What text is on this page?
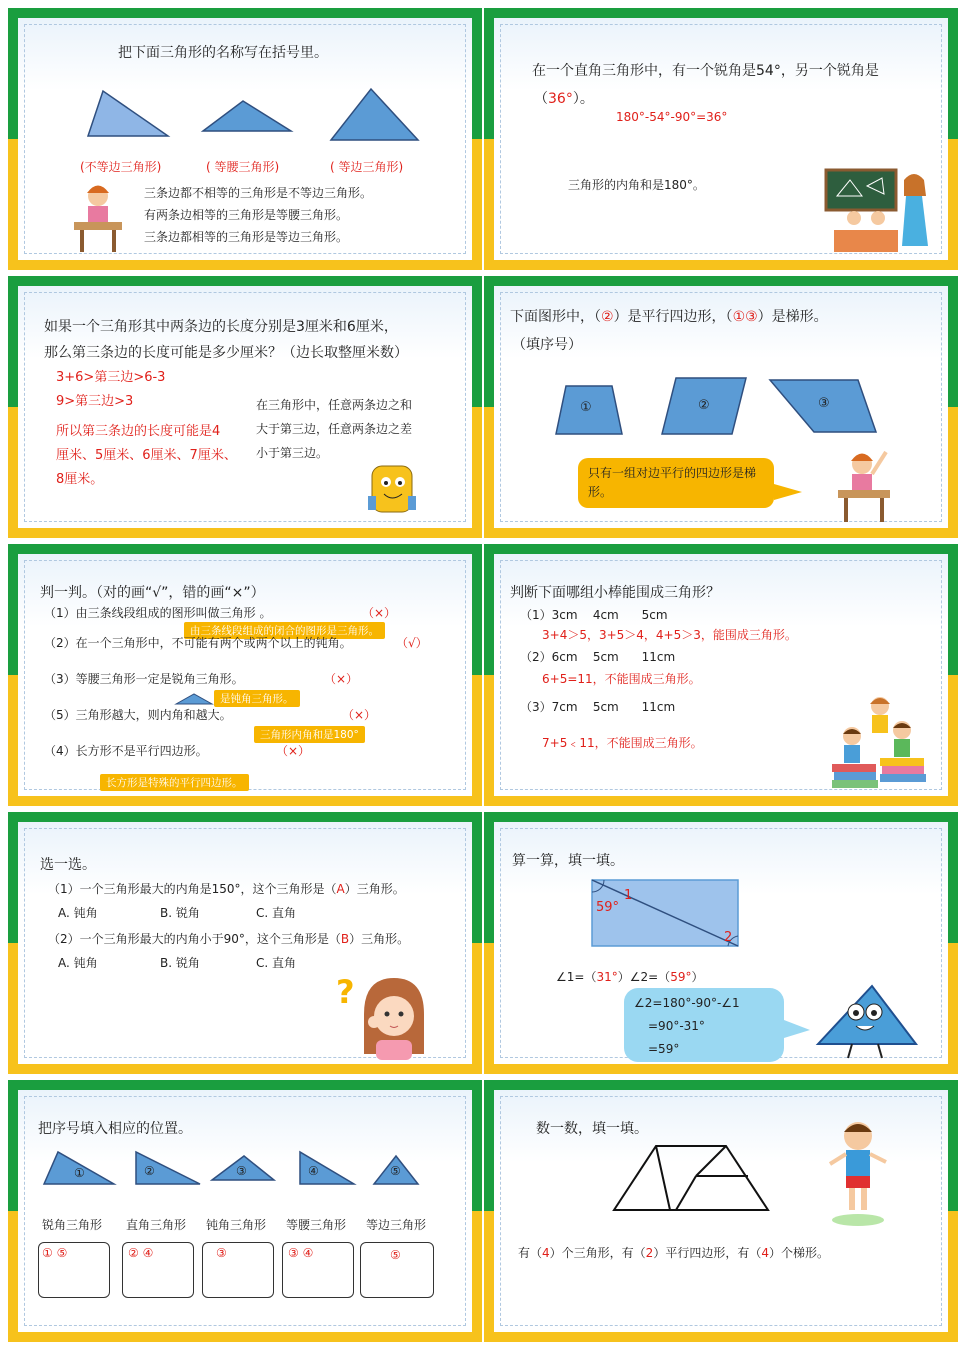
把下面三角形的名称写在括号里。
(不等边三角形)	( 等腰三角形)	( 等边三角形)
三条边都不相等的三角形是不等边三角形。
有两条边相等的三角形是等腰三角形。
三条边都相等的三角形是等边三角形。
在一个直角三角形中，有一个锐角是54°，另一个锐角是
（36°）。
180°-54°-90°=36°
三角形的内角和是180°。
如果一个三角形其中两条边的长度分别是3厘米和6厘米，
那么第三条边的长度可能是多少厘米？（边长取整厘米数）
3+6>第三边>6-3
9>第三边>3
所以第三条边的长度可能是4
厘米、5厘米、6厘米、7厘米、
8厘米。
在三角形中，任意两条边之和
大于第三边，任意两条边之差
小于第三边。
下面图形中，（②）是平行四边形，（①③）是梯形。
（填序号）
①	②	③
只有一组对边平行的四边形是梯形。
判一判。（对的画“√”，错的画“×”）
（1）由三条线段组成的图形叫做三角形 。	（×）
由三条线段组成的闭合的图形是三角形。
（2）在一个三角形中，不可能有两个或两个以上的钝角。	（√）
（3）等腰三角形一定是锐角三角形。	（×）
是钝角三角形。
（5）三角形越大，则内角和越大。	（×）
三角形内角和是180°
（4）长方形不是平行四边形。	（×）
长方形是特殊的平行四边形。
判断下面哪组小棒能围成三角形？
（1）3cm    4cm      5cm
3+4＞5，3+5＞4，4+5＞3，能围成三角形。
（2）6cm    5cm      11cm
6+5=11，不能围成三角形。
（3）7cm    5cm      11cm
7+5﹤11，不能围成三角形。
选一选。
（1）一个三角形最大的内角是150°，这个三角形是（A）三角形。
A. 钝角	B. 锐角	C. 直角
（2）一个三角形最大的内角小于90°，这个三角形是（B）三角形。
A. 钝角	B. 锐角	C. 直角
?
算一算，填一填。
59°
1
2
∠1=（31°）∠2=（59°）
∠2=180°-90°-∠1
=90°-31°
=59°
把序号填入相应的位置。
①	②	③	④	⑤
锐角三角形 直角三角形 钝角三角形 等腰三角形 等边三角形
① ⑤	② ④	③	③ ④	⑤
数一数，填一填。
有（4）个三角形，有（2）平行四边形，有（4）个梯形。
